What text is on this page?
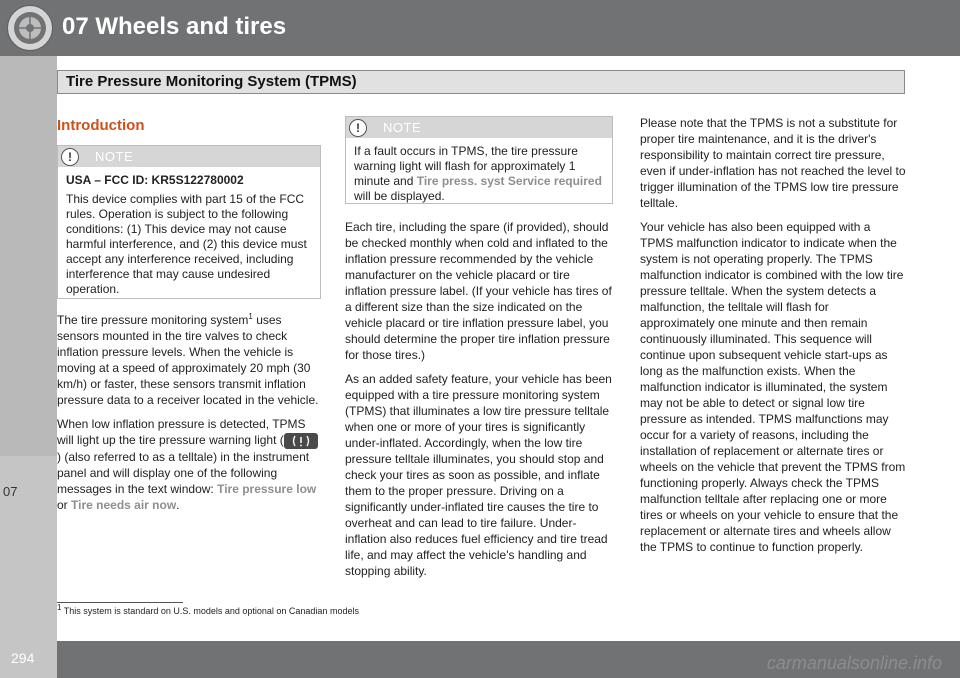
07 Wheels and tires
07
Tire Pressure Monitoring System (TPMS)
Introduction
!	NOTE
USA – FCC ID: KR5S122780002
This device complies with part 15 of the FCC rules. Operation is subject to the following conditions: (1) This device may not cause harmful interference, and (2) this device must accept any interference received, including interference that may cause undesired operation.

The tire pressure monitoring system$^1$ uses sensors mounted in the tire valves to check inflation pressure levels. When the vehicle is moving at a speed of approximately 20 mph (30 km/h) or faster, these sensors transmit inflation pressure data to a receiver located in the vehicle.

When low inflation pressure is detected, TPMS will light up the tire pressure warning light () (also referred to as a telltale) in the instrument panel and will display one of the following messages in the text window: Tire pressure low or Tire needs air now.

!	NOTE
If a fault occurs in TPMS, the tire pressure warning light will flash for approximately 1 minute and Tire press. syst Service required will be displayed.

Each tire, including the spare (if provided), should be checked monthly when cold and inflated to the inflation pressure recommended by the vehicle manufacturer on the vehicle placard or tire inflation pressure label. (If your vehicle has tires of a different size than the size indicated on the vehicle placard or tire inflation pressure label, you should determine the proper tire inflation pressure for those tires.)

As an added safety feature, your vehicle has been equipped with a tire pressure monitoring system (TPMS) that illuminates a low tire pressure telltale when one or more of your tires is significantly under-inflated. Accordingly, when the low tire pressure telltale illuminates, you should stop and check your tires as soon as possible, and inflate them to the proper pressure. Driving on a significantly under-inflated tire causes the tire to overheat and can lead to tire failure. Under-inflation also reduces fuel efficiency and tire tread life, and may affect the vehicle's handling and stopping ability.

Please note that the TPMS is not a substitute for proper tire maintenance, and it is the driver's responsibility to maintain correct tire pressure, even if under-inflation has not reached the level to trigger illumination of the TPMS low tire pressure telltale.

Your vehicle has also been equipped with a TPMS malfunction indicator to indicate when the system is not operating properly. The TPMS malfunction indicator is combined with the low tire pressure telltale. When the system detects a malfunction, the telltale will flash for approximately one minute and then remain continuously illuminated. This sequence will continue upon subsequent vehicle start-ups as long as the malfunction exists. When the malfunction indicator is illuminated, the system may not be able to detect or signal low tire pressure as intended. TPMS malfunctions may occur for a variety of reasons, including the installation of replacement or alternate tires or wheels on the vehicle that prevent the TPMS from functioning properly. Always check the TPMS malfunction telltale after replacing one or more tires or wheels on your vehicle to ensure that the replacement or alternate tires and wheels allow the TPMS to continue to function properly.

$^1$ This system is standard on U.S. models and optional on Canadian models
294	carmanualsonline.info
